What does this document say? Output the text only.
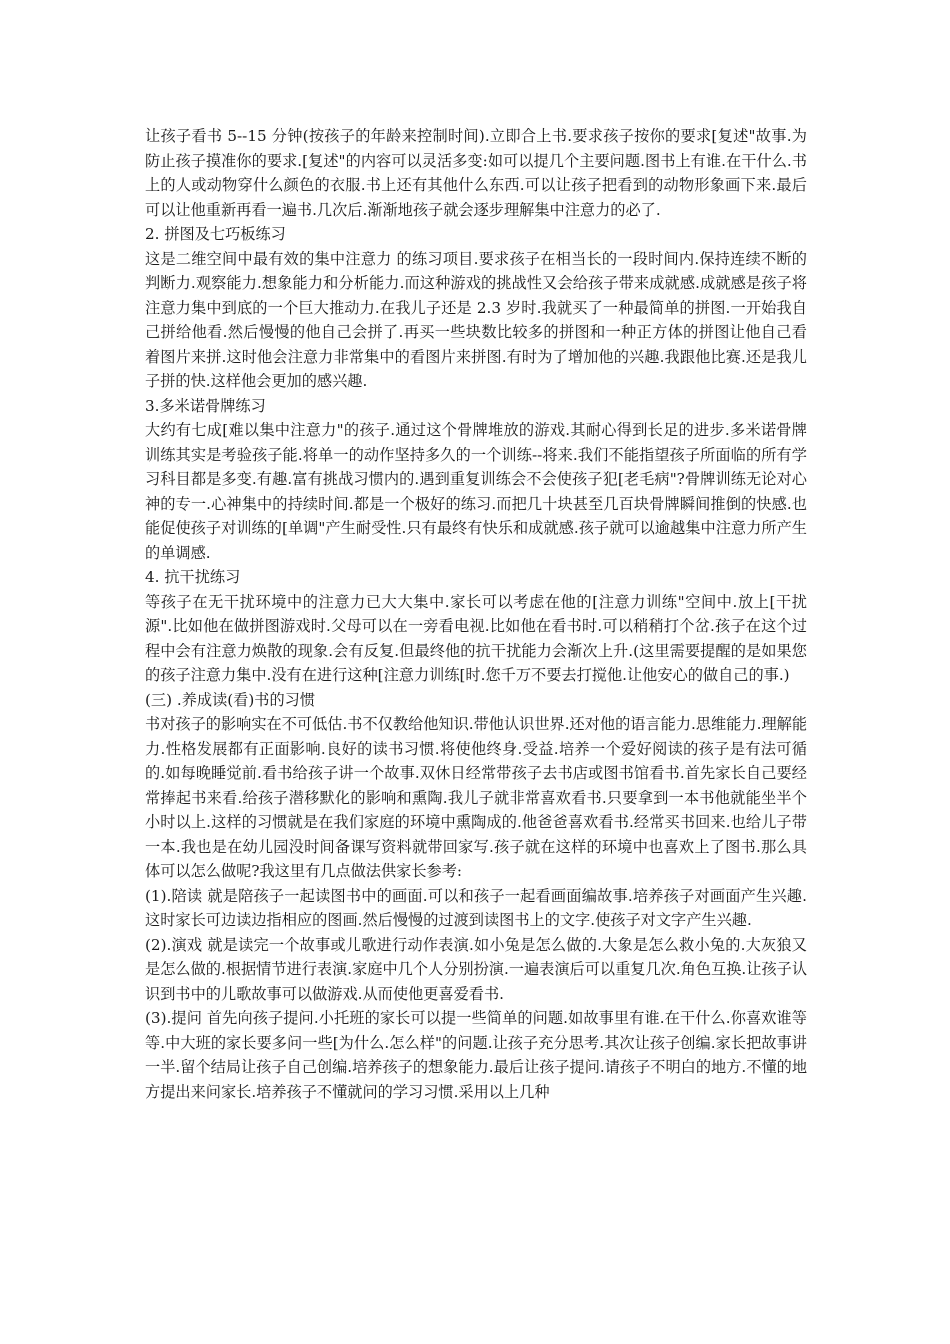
让孩子看书 5--15 分钟(按孩子的年龄来控制时间).立即合上书.要求孩子按你的要求[复述"故事.为防止孩子摸准你的要求.[复述"的内容可以灵活多变:如可以提几个主要问题.图书上有谁.在干什么.书上的人或动物穿什么颜色的衣服.书上还有其他什么东西.可以让孩子把看到的动物形象画下来.最后可以让他重新再看一遍书.几次后.渐渐地孩子就会逐步理解集中注意力的必了.

2. 拼图及七巧板练习

这是二维空间中最有效的集中注意力 的练习项目.要求孩子在相当长的一段时间内.保持连续不断的判断力.观察能力.想象能力和分析能力.而这种游戏的挑战性又会给孩子带来成就感.成就感是孩子将注意力集中到底的一个巨大推动力.在我儿子还是 2.3 岁时.我就买了一种最简单的拼图.一开始我自己拼给他看.然后慢慢的他自己会拼了.再买一些块数比较多的拼图和一种正方体的拼图让他自己看着图片来拼.这时他会注意力非常集中的看图片来拼图.有时为了增加他的兴趣.我跟他比赛.还是我儿子拼的快.这样他会更加的感兴趣.

3.多米诺骨牌练习

大约有七成[难以集中注意力"的孩子.通过这个骨牌堆放的游戏.其耐心得到长足的进步.多米诺骨牌训练其实是考验孩子能.将单一的动作坚持多久的一个训练--将来.我们不能指望孩子所面临的所有学习科目都是多变.有趣.富有挑战习惯内的.遇到重复训练会不会使孩子犯[老毛病"?骨牌训练无论对心神的专一.心神集中的持续时间.都是一个极好的练习.而把几十块甚至几百块骨牌瞬间推倒的快感.也能促使孩子对训练的[单调"产生耐受性.只有最终有快乐和成就感.孩子就可以逾越集中注意力所产生的单调感.

4. 抗干扰练习

等孩子在无干扰环境中的注意力已大大集中.家长可以考虑在他的[注意力训练"空间中.放上[干扰源".比如他在做拼图游戏时.父母可以在一旁看电视.比如他在看书时.可以稍稍打个岔.孩子在这个过程中会有注意力焕散的现象.会有反复.但最终他的抗干扰能力会渐次上升.(这里需要提醒的是如果您的孩子注意力集中.没有在进行这种[注意力训练[时.您千万不要去打搅他.让他安心的做自己的事.)

(三) .养成读(看)书的习惯

书对孩子的影响实在不可低估.书不仅教给他知识.带他认识世界.还对他的语言能力.思维能力.理解能力.性格发展都有正面影响.良好的读书习惯.将使他终身.受益.培养一个爱好阅读的孩子是有法可循的.如每晚睡觉前.看书给孩子讲一个故事.双休日经常带孩子去书店或图书馆看书.首先家长自己要经常捧起书来看.给孩子潜移默化的影响和熏陶.我儿子就非常喜欢看书.只要拿到一本书他就能坐半个小时以上.这样的习惯就是在我们家庭的环境中熏陶成的.他爸爸喜欢看书.经常买书回来.也给儿子带一本.我也是在幼儿园没时间备课写资料就带回家写.孩子就在这样的环境中也喜欢上了图书.那么具体可以怎么做呢?我这里有几点做法供家长参考:

(1).陪读 就是陪孩子一起读图书中的画面.可以和孩子一起看画面编故事.培养孩子对画面产生兴趣.这时家长可边读边指相应的图画.然后慢慢的过渡到读图书上的文字.使孩子对文字产生兴趣.

(2).演戏 就是读完一个故事或儿歌进行动作表演.如小兔是怎么做的.大象是怎么救小兔的.大灰狼又是怎么做的.根据情节进行表演.家庭中几个人分别扮演.一遍表演后可以重复几次.角色互换.让孩子认识到书中的儿歌故事可以做游戏.从而使他更喜爱看书.

(3).提问 首先向孩子提问.小托班的家长可以提一些简单的问题.如故事里有谁.在干什么.你喜欢谁等等.中大班的家长要多问一些[为什么.怎么样"的问题.让孩子充分思考.其次让孩子创编.家长把故事讲一半.留个结局让孩子自己创编.培养孩子的想象能力.最后让孩子提问.请孩子不明白的地方.不懂的地方提出来问家长.培养孩子不懂就问的学习习惯.采用以上几种
